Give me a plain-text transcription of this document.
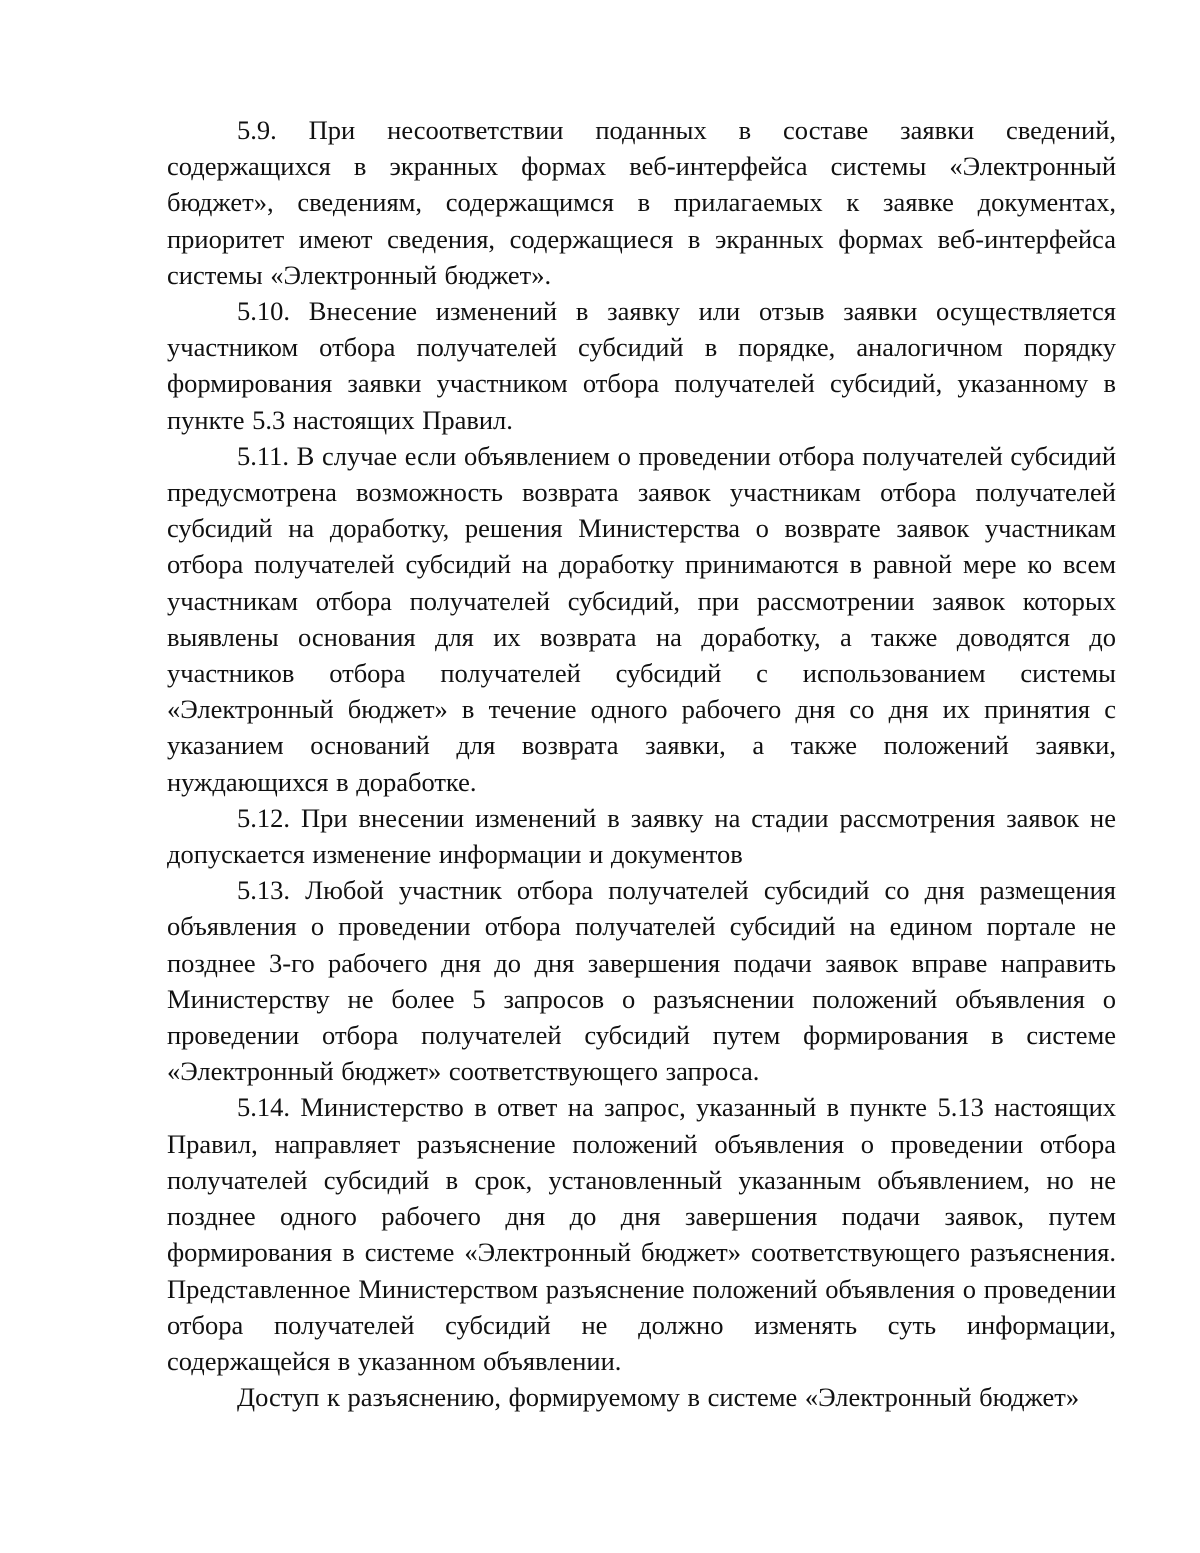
5.9. При несоответствии поданных в составе заявки сведений, содержащихся в экранных формах веб-интерфейса системы «Электронный бюджет», сведениям, содержащимся в прилагаемых к заявке документах, приоритет имеют сведения, содержащиеся в экранных формах веб-интерфейса системы «Электронный бюджет».

5.10. Внесение изменений в заявку или отзыв заявки осуществляется участником отбора получателей субсидий в порядке, аналогичном порядку формирования заявки участником отбора получателей субсидий, указанному в пункте 5.3 настоящих Правил.

5.11. В случае если объявлением о проведении отбора получателей субсидий предусмотрена возможность возврата заявок участникам отбора получателей субсидий на доработку, решения Министерства о возврате заявок участникам отбора получателей субсидий на доработку принимаются в равной мере ко всем участникам отбора получателей субсидий, при рассмотрении заявок которых выявлены основания для их возврата на доработку, а также доводятся до участников отбора получателей субсидий с использованием системы «Электронный бюджет» в течение одного рабочего дня со дня их принятия с указанием оснований для возврата заявки, а также положений заявки, нуждающихся в доработке.

5.12. При внесении изменений в заявку на стадии рассмотрения заявок не допускается изменение информации и документов

5.13. Любой участник отбора получателей субсидий со дня размещения объявления о проведении отбора получателей субсидий на едином портале не позднее 3-го рабочего дня до дня завершения подачи заявок вправе направить Министерству не более 5 запросов о разъяснении положений объявления о проведении отбора получателей субсидий путем формирования в системе «Электронный бюджет» соответствующего запроса.

5.14. Министерство в ответ на запрос, указанный в пункте 5.13 настоящих Правил, направляет разъяснение положений объявления о проведении отбора получателей субсидий в срок, установленный указанным объявлением, но не позднее одного рабочего дня до дня завершения подачи заявок, путем формирования в системе «Электронный бюджет» соответствующего разъяснения. Представленное Министерством разъяснение положений объявления о проведении отбора получателей субсидий не должно изменять суть информации, содержащейся в указанном объявлении.

Доступ к разъяснению, формируемому в системе «Электронный бюджет»
